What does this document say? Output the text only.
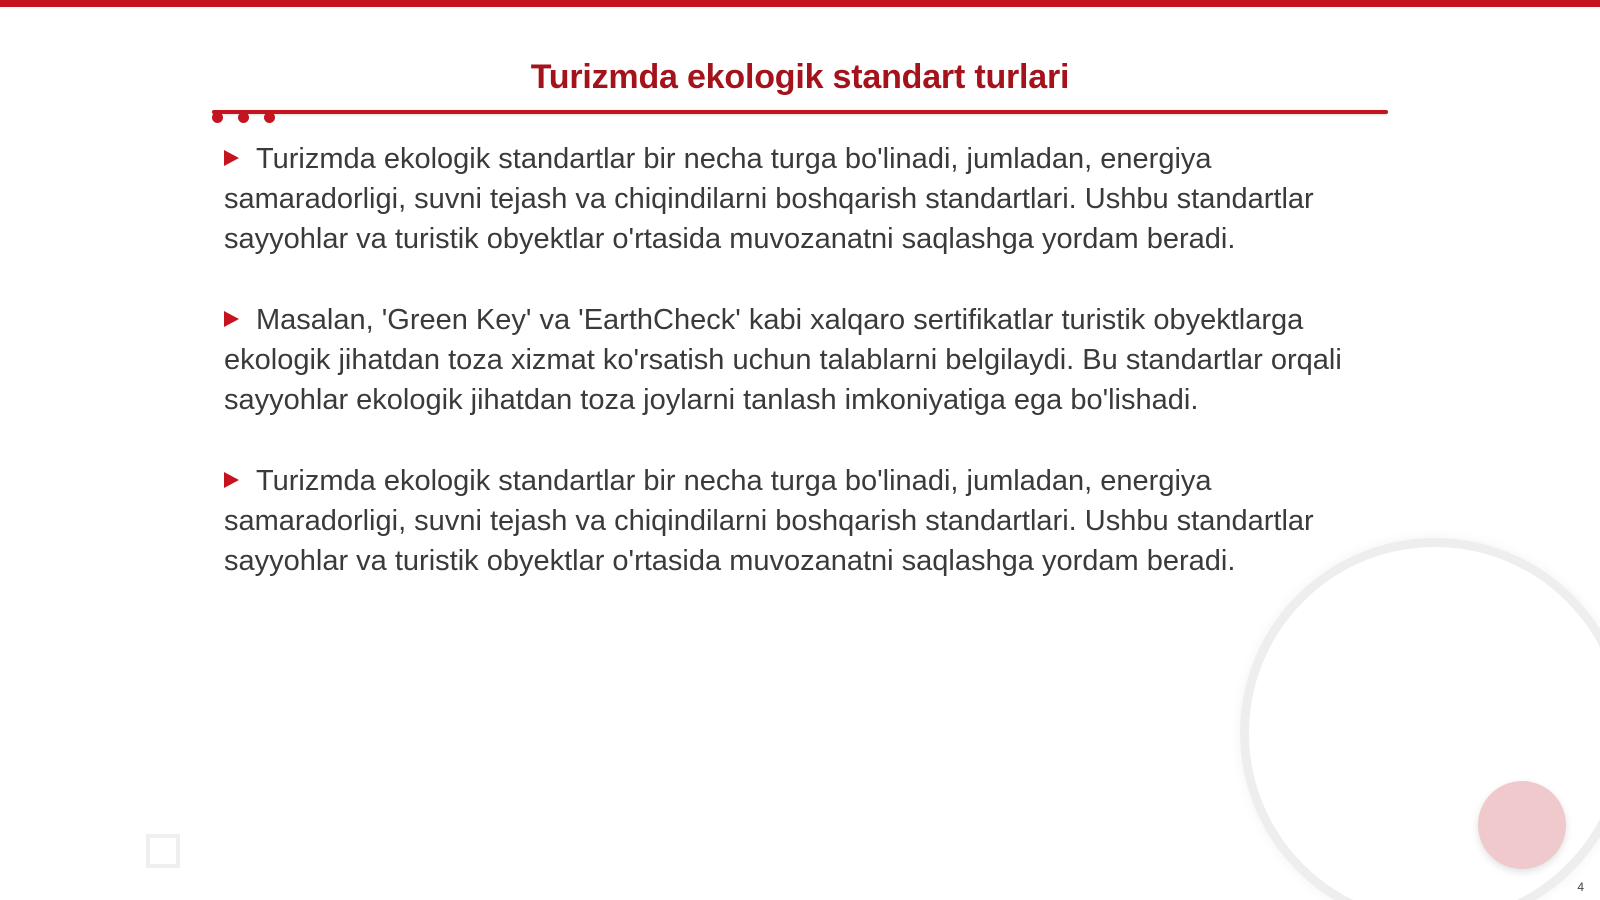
Turizmda ekologik standart turlari

Turizmda ekologik standartlar bir necha turga bo'linadi, jumladan, energiya samaradorligi, suvni tejash va chiqindilarni boshqarish standartlari. Ushbu standartlar sayyohlar va turistik obyektlar o'rtasida muvozanatni saqlashga yordam beradi.

Masalan, 'Green Key' va 'EarthCheck' kabi xalqaro sertifikatlar turistik obyektlarga ekologik jihatdan toza xizmat ko'rsatish uchun talablarni belgilaydi. Bu standartlar orqali sayyohlar ekologik jihatdan toza joylarni tanlash imkoniyatiga ega bo'lishadi.

Turizmda ekologik standartlar bir necha turga bo'linadi, jumladan, energiya samaradorligi, suvni tejash va chiqindilarni boshqarish standartlari. Ushbu standartlar sayyohlar va turistik obyektlar o'rtasida muvozanatni saqlashga yordam beradi.

4
